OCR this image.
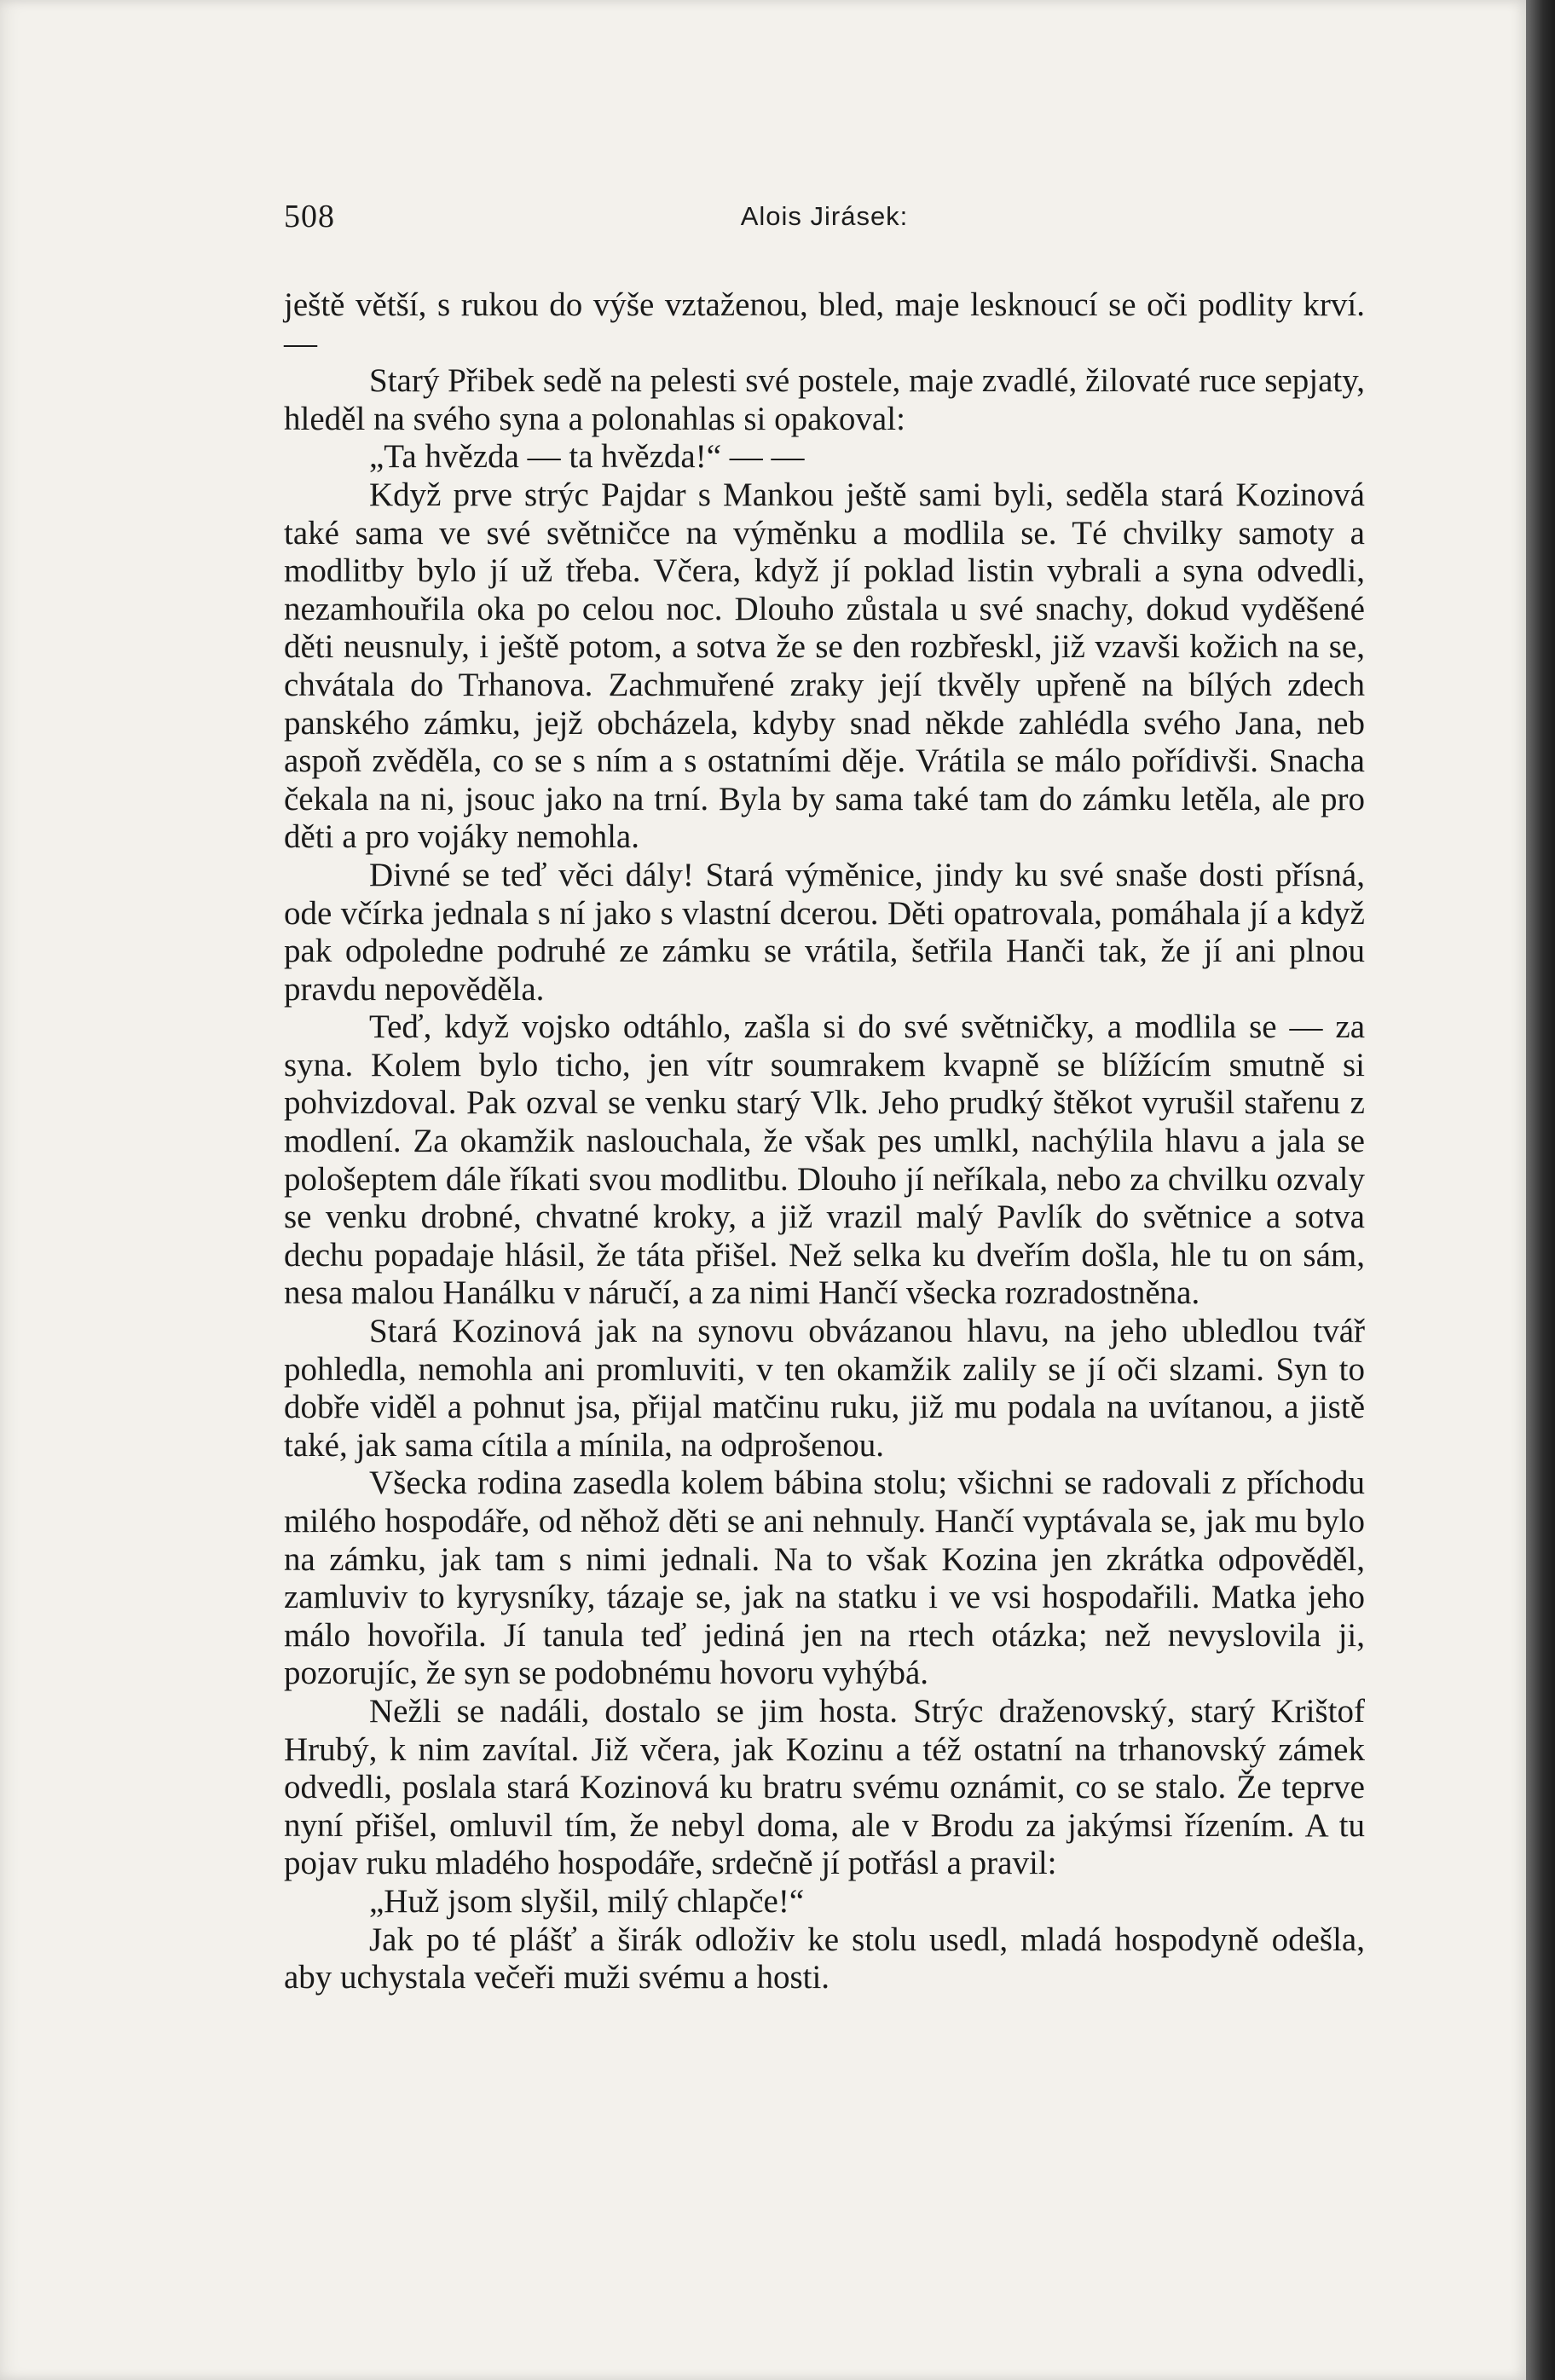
508	Alois Jirásek:

ještě větší, s rukou do výše vztaženou, bled, maje lesknoucí se oči podlity krví. —

Starý Přibek sedě na pelesti své postele, maje zvadlé, žilovaté ruce sepjaty, hleděl na svého syna a polonahlas si opakoval:

„Ta hvězda — ta hvězda!“ — —

Když prve strýc Pajdar s Mankou ještě sami byli, seděla stará Kozinová také sama ve své světničce na výměnku a modlila se. Té chvilky samoty a modlitby bylo jí už třeba. Včera, když jí poklad listin vybrali a syna odvedli, nezamhouřila oka po celou noc. Dlouho zůstala u své snachy, dokud vyděšené děti neusnuly, i ještě potom, a sotva že se den rozbřeskl, již vzavši kožich na se, chvátala do Trhanova. Zachmuřené zraky její tkvěly upřeně na bílých zdech panského zámku, jejž obcházela, kdyby snad někde zahlédla svého Jana, neb aspoň zvěděla, co se s ním a s ostatními děje. Vrátila se málo pořídivši. Snacha čekala na ni, jsouc jako na trní. Byla by sama také tam do zámku letěla, ale pro děti a pro vojáky nemohla.

Divné se teď věci dály! Stará výměnice, jindy ku své snaše dosti přísná, ode včírka jednala s ní jako s vlastní dcerou. Děti opatrovala, pomáhala jí a když pak odpoledne podruhé ze zámku se vrátila, šetřila Hanči tak, že jí ani plnou pravdu nepověděla.

Teď, když vojsko odtáhlo, zašla si do své světničky, a modlila se — za syna. Kolem bylo ticho, jen vítr soumrakem kvapně se blížícím smutně si pohvizdoval. Pak ozval se venku starý Vlk. Jeho prudký štěkot vyrušil stařenu z modlení. Za okamžik naslouchala, že však pes umlkl, nachýlila hlavu a jala se pološeptem dále říkati svou modlitbu. Dlouho jí neříkala, nebo za chvilku ozvaly se venku drobné, chvatné kroky, a již vrazil malý Pavlík do světnice a sotva dechu popadaje hlásil, že táta přišel. Než selka ku dveřím došla, hle tu on sám, nesa malou Hanálku v náručí, a za nimi Hančí všecka rozradostněna.

Stará Kozinová jak na synovu obvázanou hlavu, na jeho ubledlou tvář pohledla, nemohla ani promluviti, v ten okamžik zalily se jí oči slzami. Syn to dobře viděl a pohnut jsa, přijal matčinu ruku, již mu podala na uvítanou, a jistě také, jak sama cítila a mínila, na odprošenou.

Všecka rodina zasedla kolem bábina stolu; všichni se radovali z příchodu milého hospodáře, od něhož děti se ani nehnuly. Hančí vyptávala se, jak mu bylo na zámku, jak tam s nimi jednali. Na to však Kozina jen zkrátka odpověděl, zamluviv to kyrysníky, tázaje se, jak na statku i ve vsi hospodařili. Matka jeho málo hovořila. Jí tanula teď jediná jen na rtech otázka; než nevyslovila ji, pozorujíc, že syn se podobnému hovoru vyhýbá.

Nežli se nadáli, dostalo se jim hosta. Strýc draženovský, starý Krištof Hrubý, k nim zavítal. Již včera, jak Kozinu a též ostatní na trhanovský zámek odvedli, poslala stará Kozinová ku bratru svému oznámit, co se stalo. Že teprve nyní přišel, omluvil tím, že nebyl doma, ale v Brodu za jakýmsi řízením. A tu pojav ruku mladého hospodáře, srdečně jí potřásl a pravil:

„Huž jsom slyšil, milý chlapče!“

Jak po té plášť a širák odloživ ke stolu usedl, mladá hospodyně odešla, aby uchystala večeři muži svému a hosti.
